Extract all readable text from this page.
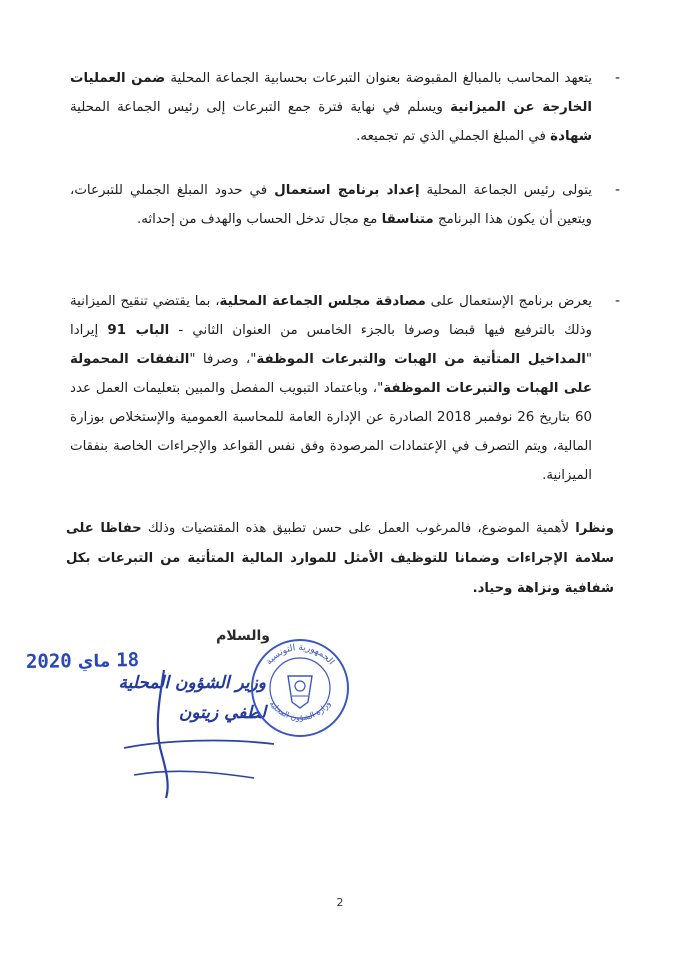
-
يتعهد المحاسب بالمبالغ المقبوضة بعنوان التبرعات بحسابية الجماعة المحلية ضمن العمليات الخارجة عن الميزانية ويسلم في نهاية فترة جمع التبرعات إلى رئيس الجماعة المحلية شهادة في المبلغ الجملي الذي تم تجميعه.
-
يتولى رئيس الجماعة المحلية إعداد برنامج استعمال في حدود المبلغ الجملي للتبرعات، ويتعين أن يكون هذا البرنامج متناسقا مع مجال تدخل الحساب والهدف من إحداثه.
-
يعرض برنامج الإستعمال على مصادقة مجلس الجماعة المحلية، بما يقتضي تنقيح الميزانية وذلك بالترفيع فيها قبضا وصرفا بالجزء الخامس من العنوان الثاني - الباب 91 إيرادا "المداخيل المتأتية من الهبات والتبرعات الموظفة"، وصرفا "النفقات المحمولة على الهبات والتبرعات الموظفة"، وباعتماد التبويب المفصل والمبين بتعليمات العمل عدد 60 بتاريخ 26 نوفمبر 2018 الصادرة عن الإدارة العامة للمحاسبة العمومية والإستخلاص بوزارة المالية، ويتم التصرف في الإعتمادات المرصودة وفق نفس القواعد والإجراءات الخاصة بنفقات الميزانية.
ونظرا لأهمية الموضوع، فالمرغوب العمل على حسن تطبيق هذه المقتضيات وذلك حفاظا على سلامة الإجراءات وضمانا للتوظيف الأمثل للموارد المالية المتأتية من التبرعات بكل شفافية ونزاهة وحياد.
والسلام
2020 ماي 18
وزير الشؤون المحلية
لطفي زيتون
الجمهورية التونسية
وزارة الشؤون المحلية
2
